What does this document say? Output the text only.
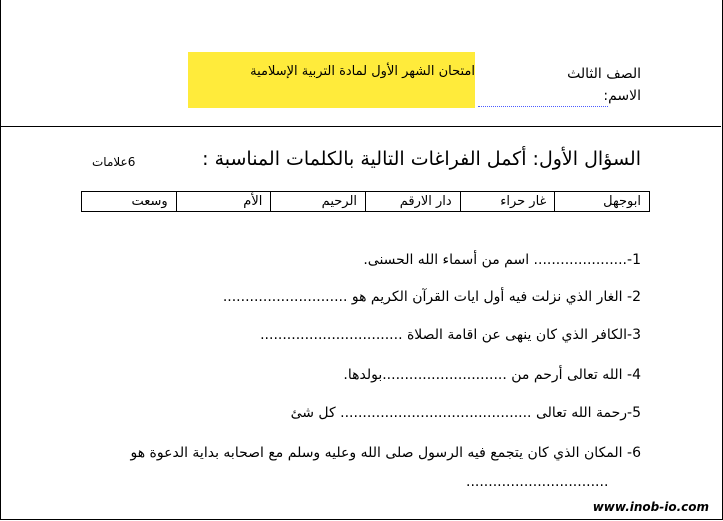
امتحان الشهر الأول لمادة التربية الإسلامية	الصف الثالث
الاسم:
السؤال الأول: أكمل الفراغات التالية بالكلمات المناسبة :
6علامات
ابوجهل	غار حراء	دار الارقم	الرحيم	الأم	وسعت
1-..................... اسم من أسماء الله الحسنى.
2- الغار الذي نزلت فيه أول ايات القرآن الكريم هو ............................
3-الكافر الذي كان ينهى عن اقامة الصلاة ................................
4- الله تعالى أرحم من ............................بولدها.
5-رحمة الله تعالى ........................................... كل شئ
6- المكان الذي كان يتجمع فيه الرسول صلى الله وعليه وسلم مع اصحابه بداية الدعوة هو
................................
www.inob-io.com
